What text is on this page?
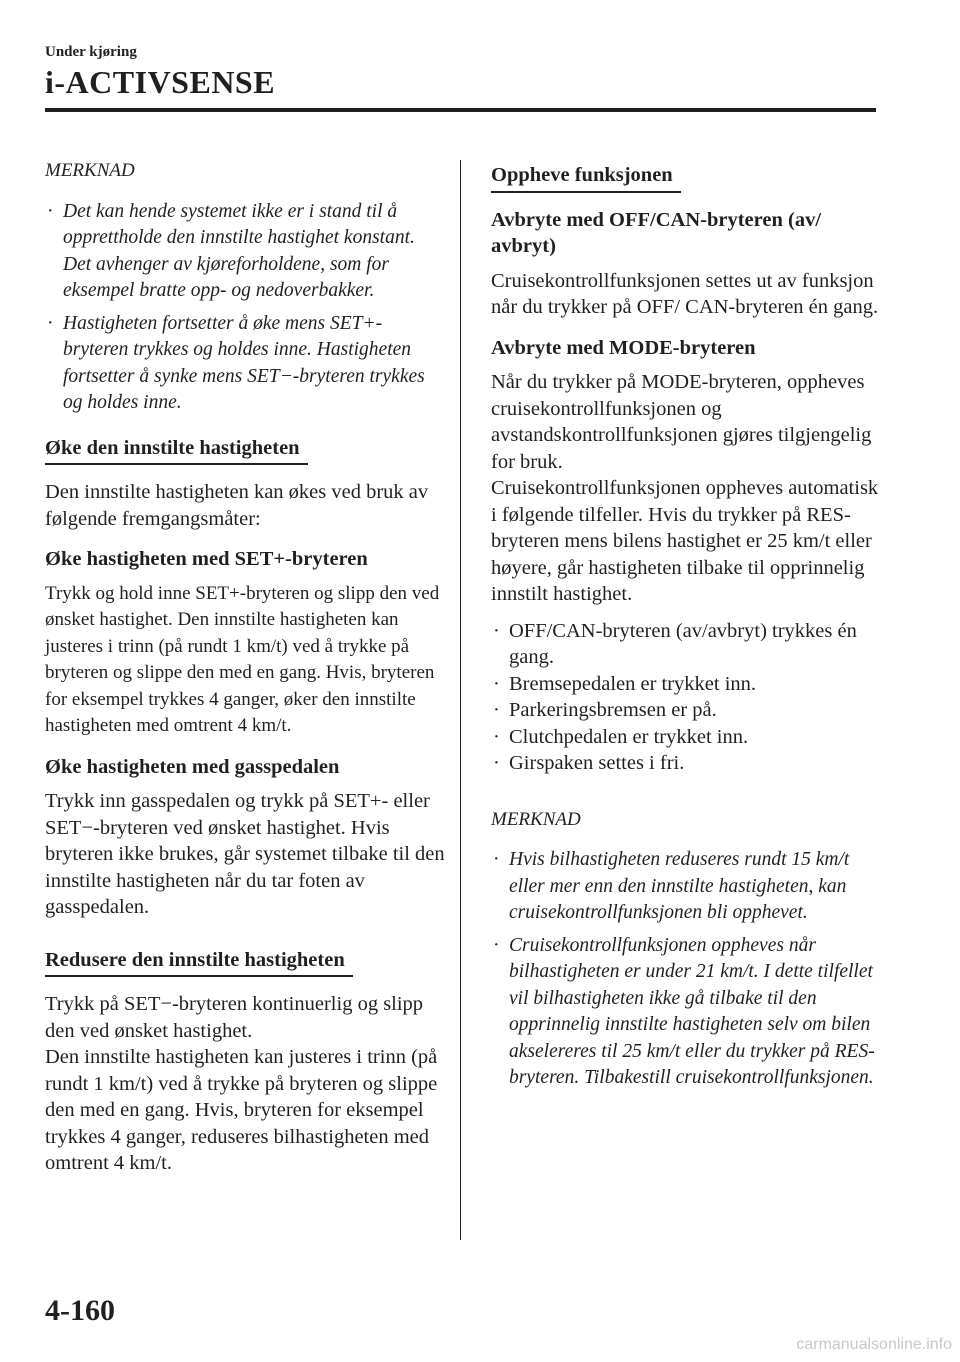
Under kjøring
i-ACTIVSENSE
MERKNAD
· Det kan hende systemet ikke er i stand til å opprettholde den innstilte hastighet konstant. Det avhenger av kjøreforholdene, som for eksempel bratte opp- og nedoverbakker.
· Hastigheten fortsetter å øke mens SET+-bryteren trykkes og holdes inne. Hastigheten fortsetter å synke mens SET−-bryteren trykkes og holdes inne.
Øke den innstilte hastigheten

Den innstilte hastigheten kan økes ved bruk av følgende fremgangsmåter:

Øke hastigheten med SET+-bryteren

Trykk og hold inne SET+-bryteren og slipp den ved ønsket hastighet. Den innstilte hastigheten kan justeres i trinn (på rundt 1 km/t) ved å trykke på bryteren og slippe den med en gang. Hvis, bryteren for eksempel trykkes 4 ganger, øker den innstilte hastigheten med omtrent 4 km/t.

Øke hastigheten med gasspedalen

Trykk inn gasspedalen og trykk på SET+- eller SET−-bryteren ved ønsket hastighet. Hvis bryteren ikke brukes, går systemet tilbake til den innstilte hastigheten når du tar foten av gasspedalen.

Redusere den innstilte hastigheten
Trykk på SET−-bryteren kontinuerlig og slipp den ved ønsket hastighet.
Den innstilte hastigheten kan justeres i trinn (på rundt 1 km/t) ved å trykke på bryteren og slippe den med en gang. Hvis, bryteren for eksempel trykkes 4 ganger, reduseres bilhastigheten med omtrent 4 km/t.
Oppheve funksjonen
Avbryte med OFF/CAN-bryteren (av/ avbryt)

Cruisekontrollfunksjonen settes ut av funksjon når du trykker på OFF/ CAN-bryteren én gang.

Avbryte med MODE-bryteren
Når du trykker på MODE-bryteren, oppheves cruisekontrollfunksjonen og avstandskontrollfunksjonen gjøres tilgjengelig for bruk.
Cruisekontrollfunksjonen oppheves automatisk i følgende tilfeller. Hvis du trykker på RES-bryteren mens bilens hastighet er 25 km/t eller høyere, går hastigheten tilbake til opprinnelig innstilt hastighet.
· OFF/CAN-bryteren (av/avbryt) trykkes én gang.
· Bremsepedalen er trykket inn.
· Parkeringsbremsen er på.
· Clutchpedalen er trykket inn.
· Girspaken settes i fri.
MERKNAD
· Hvis bilhastigheten reduseres rundt 15 km/t eller mer enn den innstilte hastigheten, kan cruisekontrollfunksjonen bli opphevet.
· Cruisekontrollfunksjonen oppheves når bilhastigheten er under 21 km/t. I dette tilfellet vil bilhastigheten ikke gå tilbake til den opprinnelig innstilte hastigheten selv om bilen akselereres til 25 km/t eller du trykker på RES-bryteren. Tilbakestill cruisekontrollfunksjonen.
4-160
carmanualsonline.info
